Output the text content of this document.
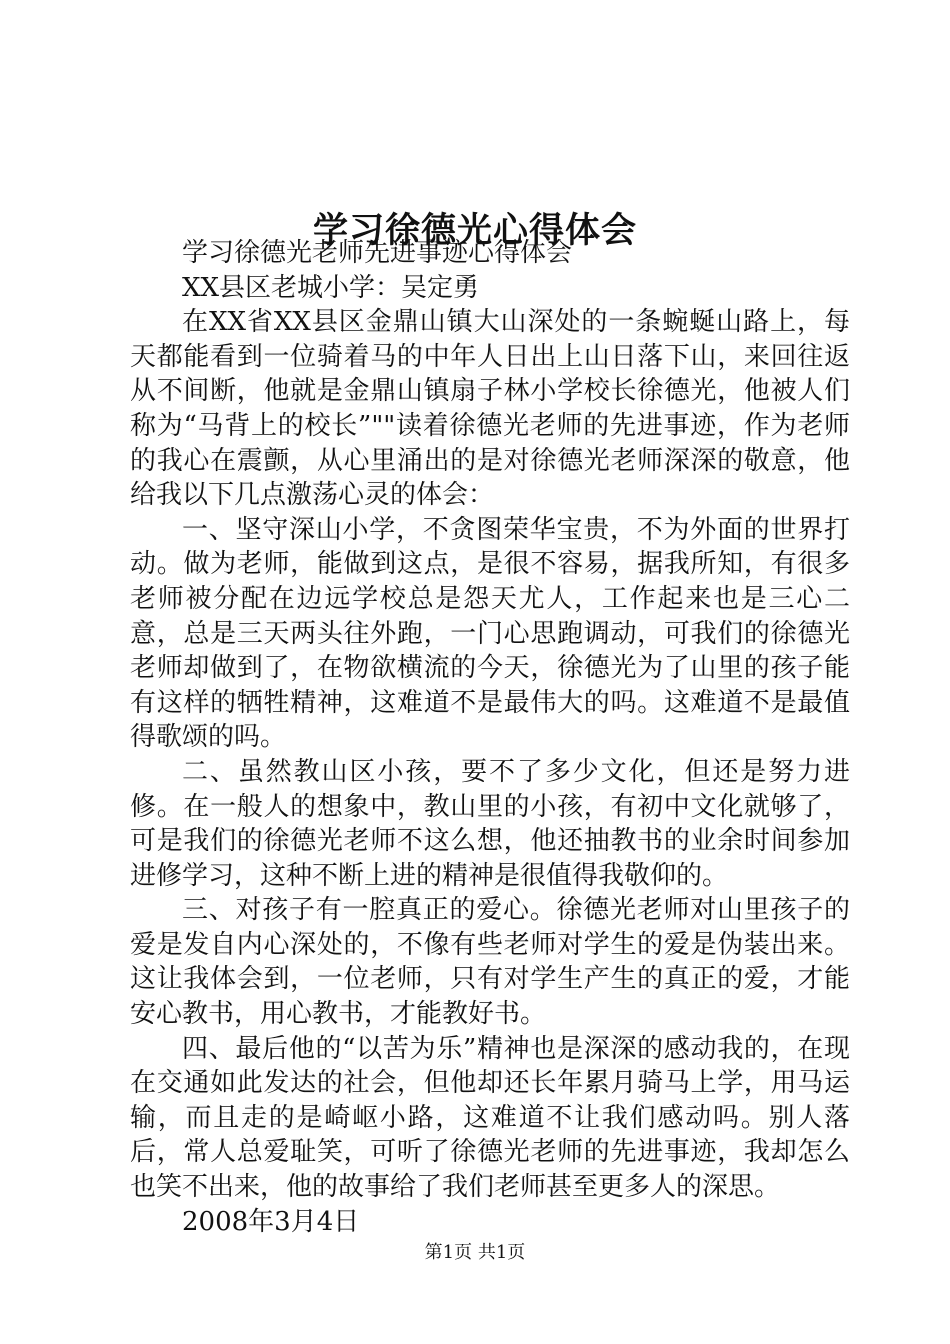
学习徐德光心得体会

学习徐德光老师先进事迹心得体会

XX县区老城小学：吴定勇

在XX省XX县区金鼎山镇大山深处的一条蜿蜒山路上，每天都能看到一位骑着马的中年人日出上山日落下山，来回往返从不间断，他就是金鼎山镇扇子林小学校长徐德光，他被人们称为“马背上的校长”""读着徐德光老师的先进事迹，作为老师的我心在震颤，从心里涌出的是对徐德光老师深深的敬意，他给我以下几点激荡心灵的体会：

一、坚守深山小学，不贪图荣华宝贵，不为外面的世界打动。做为老师，能做到这点，是很不容易，据我所知，有很多老师被分配在边远学校总是怨天尤人，工作起来也是三心二意，总是三天两头往外跑，一门心思跑调动，可我们的徐德光老师却做到了，在物欲横流的今天，徐德光为了山里的孩子能有这样的牺牲精神，这难道不是最伟大的吗。这难道不是最值得歌颂的吗。

二、虽然教山区小孩，要不了多少文化，但还是努力进修。在一般人的想象中，教山里的小孩，有初中文化就够了，可是我们的徐德光老师不这么想，他还抽教书的业余时间参加进修学习，这种不断上进的精神是很值得我敬仰的。

三、对孩子有一腔真正的爱心。徐德光老师对山里孩子的爱是发自内心深处的，不像有些老师对学生的爱是伪装出来。这让我体会到，一位老师，只有对学生产生的真正的爱，才能安心教书，用心教书，才能教好书。

四、最后他的“以苦为乐”精神也是深深的感动我的，在现在交通如此发达的社会，但他却还长年累月骑马上学，用马运输，而且走的是崎岖小路，这难道不让我们感动吗。别人落后，常人总爱耻笑，可听了徐德光老师的先进事迹，我却怎么也笑不出来，他的故事给了我们老师甚至更多人的深思。

2008年3月4日

第1页 共1页
